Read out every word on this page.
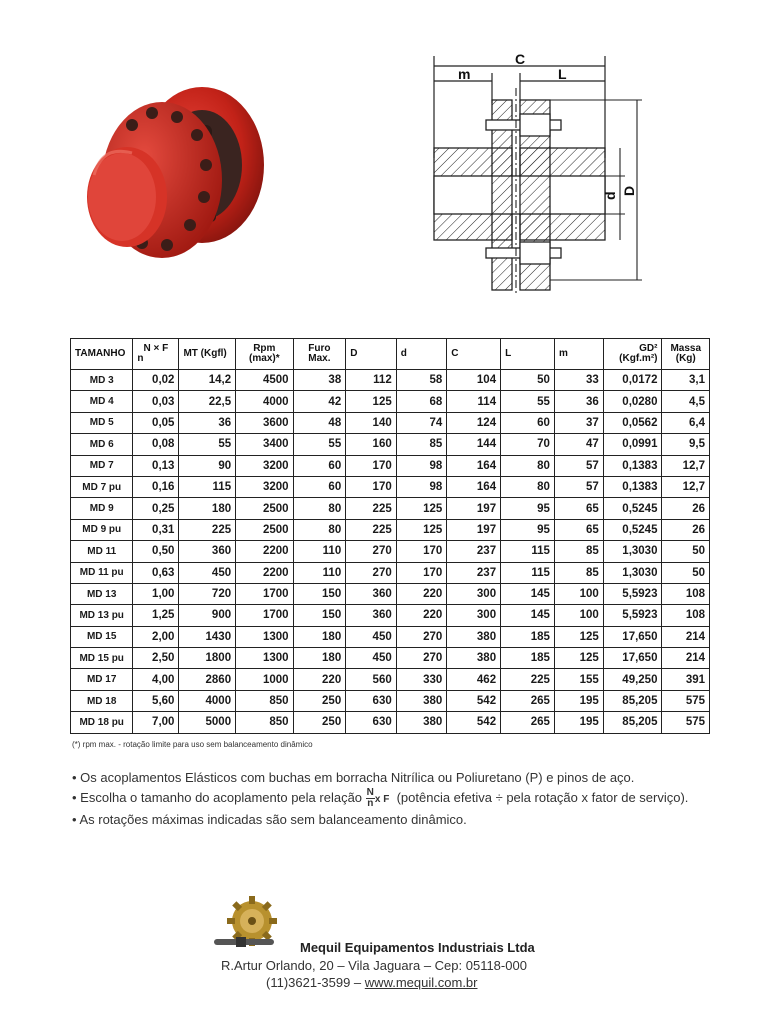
C
m	L
d D
TAMANHO	N × F
n	MT (Kgfl)	Rpm (max)*	Furo Max.	D	d	C	L	m	GD² (Kgf.m²)	Massa (Kg)
MD 3	0,02	14,2	4500	38	112	58	104	50	33	0,0172	3,1
MD 4	0,03	22,5	4000	42	125	68	114	55	36	0,0280	4,5
MD 5	0,05	36	3600	48	140	74	124	60	37	0,0562	6,4
MD 6	0,08	55	3400	55	160	85	144	70	47	0,0991	9,5
MD 7	0,13	90	3200	60	170	98	164	80	57	0,1383	12,7
MD 7 pu	0,16	115	3200	60	170	98	164	80	57	0,1383	12,7
MD 9	0,25	180	2500	80	225	125	197	95	65	0,5245	26
MD 9 pu	0,31	225	2500	80	225	125	197	95	65	0,5245	26
MD 11	0,50	360	2200	110	270	170	237	115	85	1,3030	50
MD 11 pu	0,63	450	2200	110	270	170	237	115	85	1,3030	50
MD 13	1,00	720	1700	150	360	220	300	145	100	5,5923	108
MD 13 pu	1,25	900	1700	150	360	220	300	145	100	5,5923	108
MD 15	2,00	1430	1300	180	450	270	380	185	125	17,650	214
MD 15 pu	2,50	1800	1300	180	450	270	380	185	125	17,650	214
MD 17	4,00	2860	1000	220	560	330	462	225	155	49,250	391
MD 18	5,60	4000	850	250	630	380	542	265	195	85,205	575
MD 18 pu	7,00	5000	850	250	630	380	542	265	195	85,205	575
(*) rpm max. - rotação limite para uso sem balanceamento dinâmico
• Os acoplamentos Elásticos com buchas em borracha Nitrílica ou Poliuretano (P) e pinos de aço.
• Escolha o tamanho do acoplamento pela relação $\frac{N}{n}$ x F (potência efetiva ÷ pela rotação x fator de serviço).
• As rotações máximas indicadas são sem balanceamento dinâmico.
Mequil Equipamentos Industriais Ltda
R.Artur Orlando, 20 – Vila Jaguara – Cep: 05118-000
(11)3621-3599 – www.mequil.com.br
